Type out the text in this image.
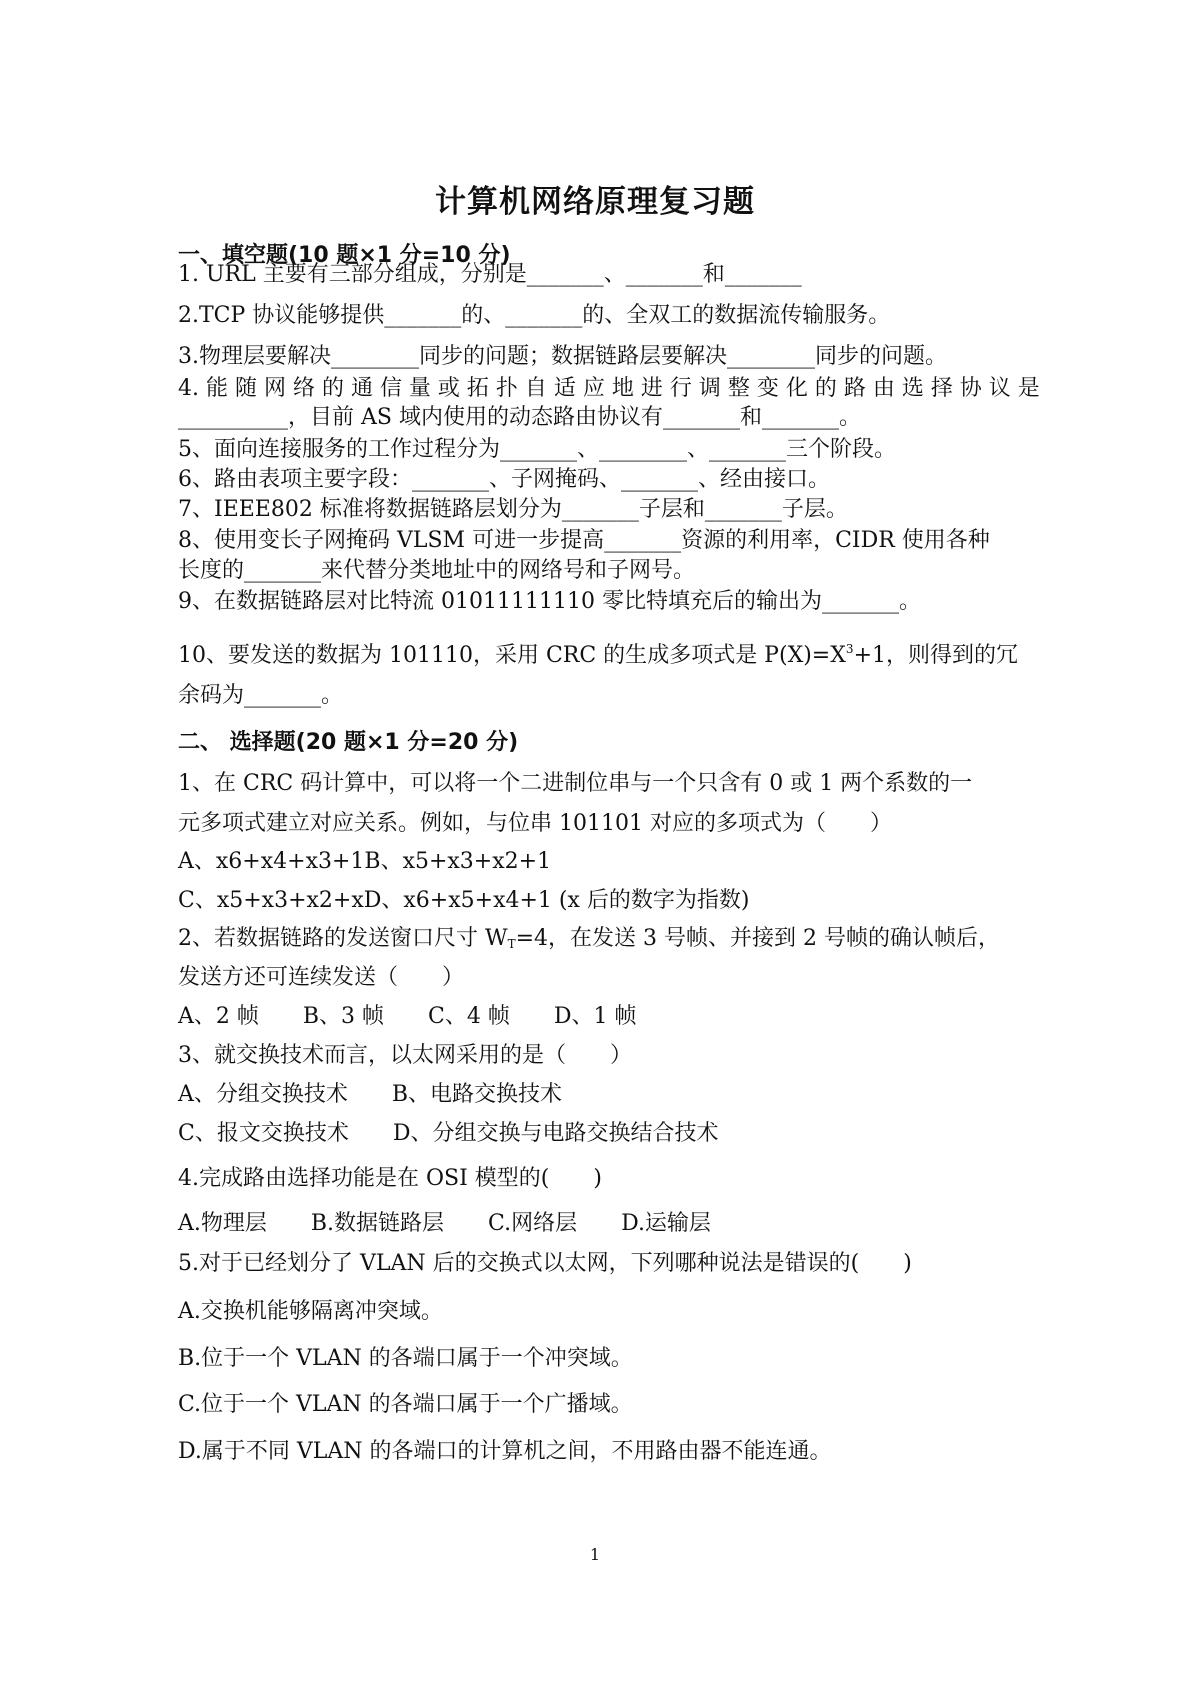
计算机网络原理复习题
一、填空题(10 题×1 分=10 分)
1. URL 主要有三部分组成，分别是_______、_______和_______
2.TCP 协议能够提供_______的、_______的、全双工的数据流传输服务。
3.物理层要解决________同步的问题；数据链路层要解决________同步的问题。
4. 能 随 网 络 的 通 信 量 或 拓 扑 自 适 应 地 进 行 调 整 变 化 的 路 由 选 择 协 议 是
__________，目前 AS 域内使用的动态路由协议有_______和_______。
5、面向连接服务的工作过程分为_______、________、_______三个阶段。
6、路由表项主要字段：_______、子网掩码、_______、经由接口。
7、IEEE802 标准将数据链路层划分为_______子层和_______子层。
8、使用变长子网掩码 VLSM 可进一步提高_______资源的利用率，CIDR 使用各种
长度的_______来代替分类地址中的网络号和子网号。
9、在数据链路层对比特流 01011111110 零比特填充后的输出为_______。
10、要发送的数据为 101110，采用 CRC 的生成多项式是 $P(X)=X^3+1$，则得到的冗
余码为_______。
二、 选择题(20 题×1 分=20 分)
1、在 CRC 码计算中，可以将一个二进制位串与一个只含有 0 或 1 两个系数的一
元多项式建立对应关系。例如，与位串 101101 对应的多项式为（　　）
A、x6+x4+x3+1B、x5+x3+x2+1
C、x5+x3+x2+xD、x6+x5+x4+1 (x 后的数字为指数)
2、若数据链路的发送窗口尺寸 $W_T=4$，在发送 3 号帧、并接到 2 号帧的确认帧后，
发送方还可连续发送（　　）
A、2 帧　　B、3 帧　　C、4 帧　　D、1 帧
3、就交换技术而言，以太网采用的是（　　）
A、分组交换技术　　B、电路交换技术
C、报文交换技术　　D、分组交换与电路交换结合技术
4.完成路由选择功能是在 OSI 模型的(　　)
A.物理层　　B.数据链路层　　C.网络层　　D.运输层
5.对于已经划分了 VLAN 后的交换式以太网，下列哪种说法是错误的(　　)
A.交换机能够隔离冲突域。
B.位于一个 VLAN 的各端口属于一个冲突域。
C.位于一个 VLAN 的各端口属于一个广播域。
D.属于不同 VLAN 的各端口的计算机之间，不用路由器不能连通。
1
